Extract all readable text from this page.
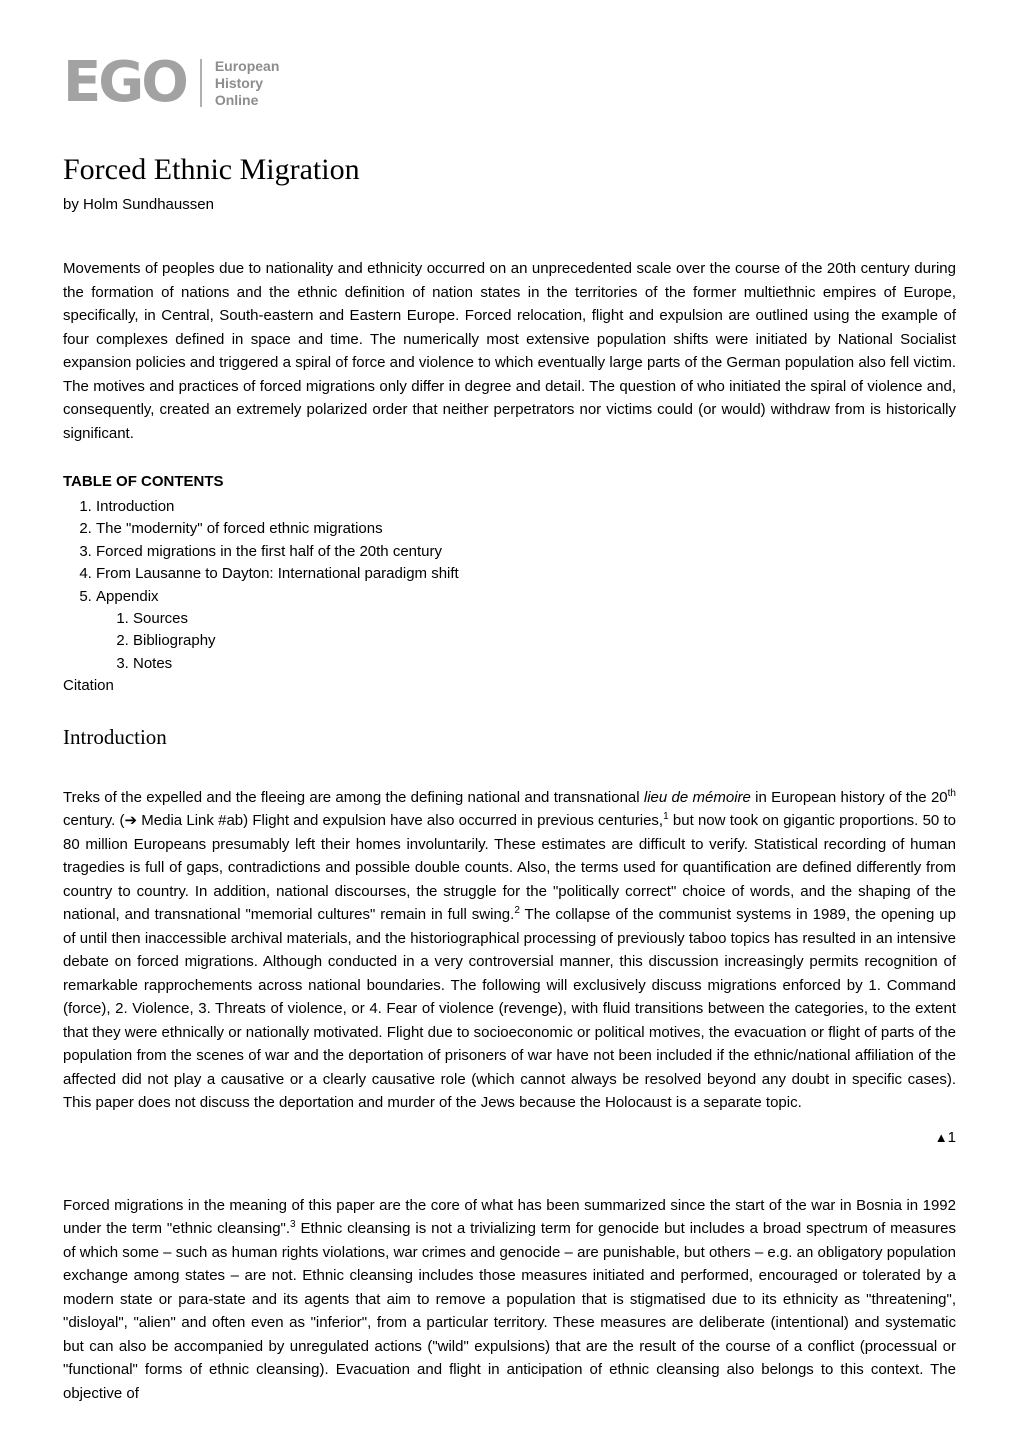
EGO European
History
Online
Forced Ethnic Migration
by Holm Sundhaussen

Movements of peoples due to nationality and ethnicity occurred on an unprecedented scale over the course of the 20th century during the formation of nations and the ethnic definition of nation states in the territories of the former multiethnic empires of Europe, specifically, in Central, South-eastern and Eastern Europe. Forced relocation, flight and expulsion are outlined using the example of four complexes defined in space and time. The numerically most extensive population shifts were initiated by National Socialist expansion policies and triggered a spiral of force and violence to which eventually large parts of the German population also fell victim. The motives and practices of forced migrations only differ in degree and detail. The question of who initiated the spiral of violence and, consequently, created an extremely polarized order that neither perpetrators nor victims could (or would) withdraw from is historically significant.

TABLE OF CONTENTS
1. Introduction
2. The "modernity" of forced ethnic migrations
3. Forced migrations in the first half of the 20th century
4. From Lausanne to Dayton: International paradigm shift
5. Appendix
1. Sources
2. Bibliography
3. Notes
Citation
Introduction

Treks of the expelled and the fleeing are among the defining national and transnational lieu de mémoire in European history of the 20th century. (➔ Media Link #ab) Flight and expulsion have also occurred in previous centuries,$^1$ but now took on gigantic proportions. 50 to 80 million Europeans presumably left their homes involuntarily. These estimates are difficult to verify. Statistical recording of human tragedies is full of gaps, contradictions and possible double counts. Also, the terms used for quantification are defined differently from country to country. In addition, national discourses, the struggle for the "politically correct" choice of words, and the shaping of the national, and transnational "memorial cultures" remain in full swing.$^2$ The collapse of the communist systems in 1989, the opening up of until then inaccessible archival materials, and the historiographical processing of previously taboo topics has resulted in an intensive debate on forced migrations. Although conducted in a very controversial manner, this discussion increasingly permits recognition of remarkable rapprochements across national boundaries. The following will exclusively discuss migrations enforced by 1. Command (force), 2. Violence, 3. Threats of violence, or 4. Fear of violence (revenge), with fluid transitions between the categories, to the extent that they were ethnically or nationally motivated. Flight due to socioeconomic or political motives, the evacuation or flight of parts of the population from the scenes of war and the deportation of prisoners of war have not been included if the ethnic/national affiliation of the affected did not play a causative or a clearly causative role (which cannot always be resolved beyond any doubt in specific cases). This paper does not discuss the deportation and murder of the Jews because the Holocaust is a separate topic.

▲1

Forced migrations in the meaning of this paper are the core of what has been summarized since the start of the war in Bosnia in 1992 under the term "ethnic cleansing".$^3$ Ethnic cleansing is not a trivializing term for genocide but includes a broad spectrum of measures of which some – such as human rights violations, war crimes and genocide – are punishable, but others – e.g. an obligatory population exchange among states – are not. Ethnic cleansing includes those measures initiated and performed, encouraged or tolerated by a modern state or para-state and its agents that aim to remove a population that is stigmatised due to its ethnicity as "threatening", "disloyal", "alien" and often even as "inferior", from a particular territory. These measures are deliberate (intentional) and systematic but can also be accompanied by unregulated actions ("wild" expulsions) that are the result of the course of a conflict (processual or "functional" forms of ethnic cleansing). Evacuation and flight in anticipation of ethnic cleansing also belongs to this context. The objective of
